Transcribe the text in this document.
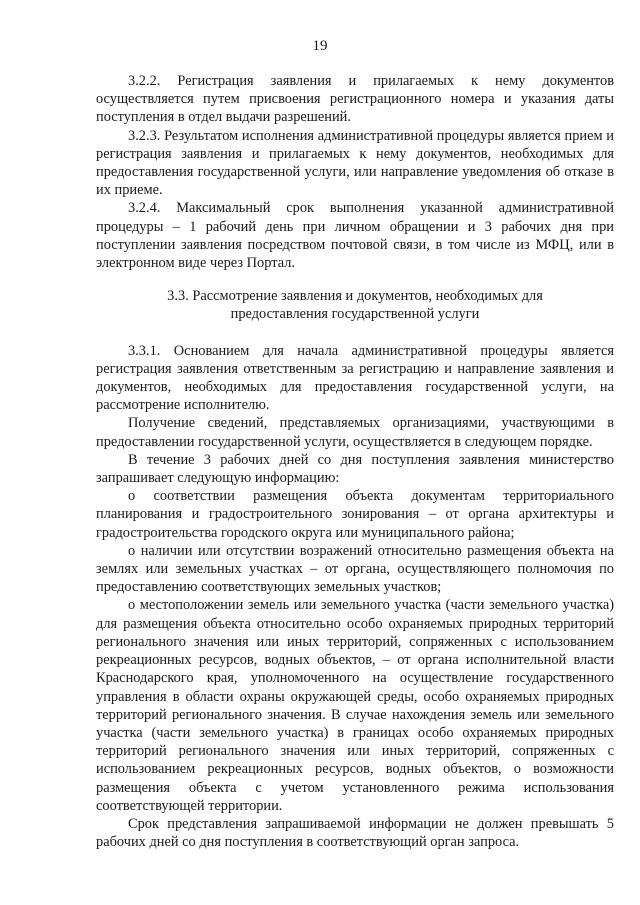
19

3.2.2. Регистрация заявления и прилагаемых к нему документов осуществляется путем присвоения регистрационного номера и указания даты поступления в отдел выдачи разрешений.

3.2.3. Результатом исполнения административной процедуры является прием и регистрация заявления и прилагаемых к нему документов, необходимых для предоставления государственной услуги, или направление уведомления об отказе в их приеме.

3.2.4. Максимальный срок выполнения указанной административной процедуры – 1 рабочий день при личном обращении и 3 рабочих дня при поступлении заявления посредством почтовой связи, в том числе из МФЦ, или в электронном виде через Портал.

3.3. Рассмотрение заявления и документов, необходимых для
предоставления государственной услуги

3.3.1. Основанием для начала административной процедуры является регистрация заявления ответственным за регистрацию и направление заявления и документов, необходимых для предоставления государственной услуги, на рассмотрение исполнителю.

Получение сведений, представляемых организациями, участвующими в предоставлении государственной услуги, осуществляется в следующем порядке.

В течение 3 рабочих дней со дня поступления заявления министерство запрашивает следующую информацию:

о соответствии размещения объекта документам территориального планирования и градостроительного зонирования – от органа архитектуры и градостроительства городского округа или муниципального района;

о наличии или отсутствии возражений относительно размещения объекта на землях или земельных участках – от органа, осуществляющего полномочия по предоставлению соответствующих земельных участков;

о местоположении земель или земельного участка (части земельного участка) для размещения объекта относительно особо охраняемых природных территорий регионального значения или иных территорий, сопряженных с использованием рекреационных ресурсов, водных объектов, – от органа исполнительной власти Краснодарского края, уполномоченного на осуществление государственного управления в области охраны окружающей среды, особо охраняемых природных территорий регионального значения. В случае нахождения земель или земельного участка (части земельного участка) в границах особо охраняемых природных территорий регионального значения или иных территорий, сопряженных с использованием рекреационных ресурсов, водных объектов, о возможности размещения объекта с учетом установленного режима использования соответствующей территории.

Срок представления запрашиваемой информации не должен превышать 5 рабочих дней со дня поступления в соответствующий орган запроса.
